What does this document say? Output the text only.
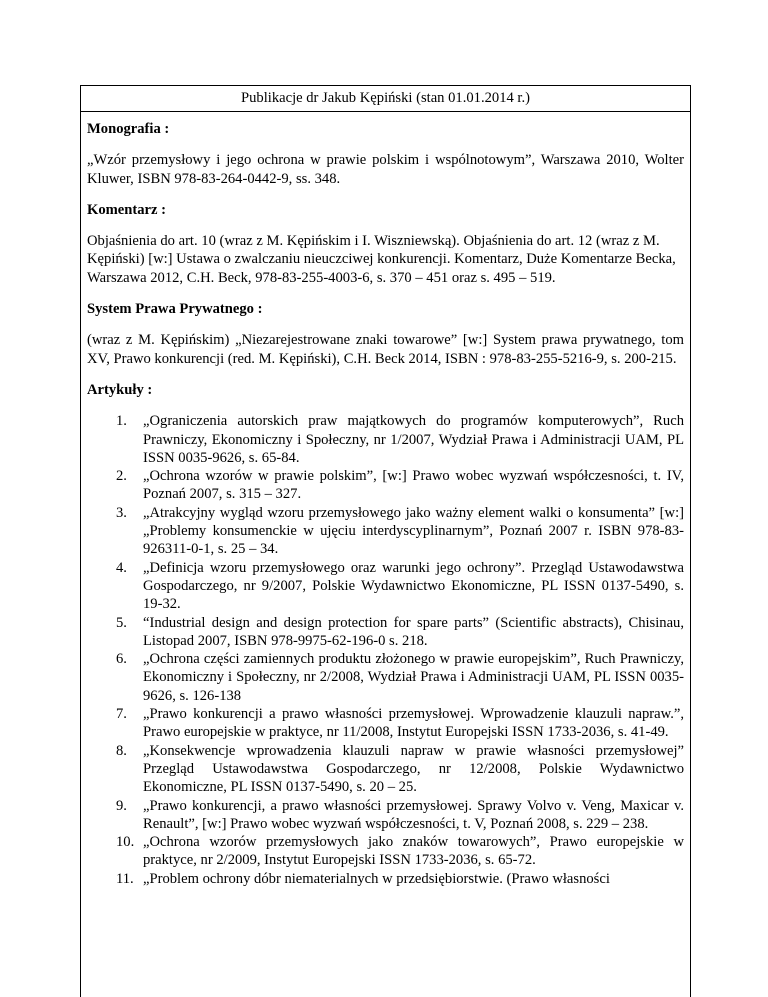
Publikacje dr Jakub Kępiński (stan 01.01.2014 r.)
Monografia :
„Wzór przemysłowy i jego ochrona w prawie polskim i wspólnotowym”, Warszawa 2010, Wolter Kluwer, ISBN 978-83-264-0442-9, ss. 348.
Komentarz :
Objaśnienia do art. 10 (wraz z M. Kępińskim i I. Wiszniewską). Objaśnienia do art. 12 (wraz z M. Kępiński) [w:] Ustawa o zwalczaniu nieuczciwej konkurencji. Komentarz, Duże Komentarze Becka, Warszawa 2012, C.H. Beck, 978-83-255-4003-6, s. 370 – 451 oraz s. 495 – 519.
System Prawa Prywatnego :
(wraz z M. Kępińskim) „Niezarejestrowane znaki towarowe” [w:] System prawa prywatnego, tom XV, Prawo konkurencji (red. M. Kępiński), C.H. Beck 2014, ISBN : 978-83-255-5216-9, s. 200-215.
Artykuły :
1.	„Ograniczenia autorskich praw majątkowych do programów komputerowych”, Ruch Prawniczy, Ekonomiczny i Społeczny, nr 1/2007, Wydział Prawa i Administracji UAM, PL ISSN 0035-9626, s. 65-84.
2.	„Ochrona wzorów w prawie polskim”, [w:] Prawo wobec wyzwań współczesności, t. IV, Poznań 2007, s. 315 – 327.
3.	„Atrakcyjny wygląd wzoru przemysłowego jako ważny element walki o konsumenta” [w:] „Problemy konsumenckie w ujęciu interdyscyplinarnym”, Poznań 2007 r. ISBN 978-83-926311-0-1, s. 25 – 34.
4.	„Definicja wzoru przemysłowego oraz warunki jego ochrony”. Przegląd Ustawodawstwa Gospodarczego, nr 9/2007, Polskie Wydawnictwo Ekonomiczne, PL ISSN 0137-5490, s. 19-32.
5.	“Industrial design and design protection for spare parts” (Scientific abstracts), Chisinau, Listopad 2007, ISBN 978-9975-62-196-0 s. 218.
6.	„Ochrona części zamiennych produktu złożonego w prawie europejskim”, Ruch Prawniczy, Ekonomiczny i Społeczny, nr 2/2008, Wydział Prawa i Administracji UAM, PL ISSN 0035-9626, s. 126-138
7.	„Prawo konkurencji a prawo własności przemysłowej. Wprowadzenie klauzuli napraw.”, Prawo europejskie w praktyce, nr 11/2008, Instytut Europejski ISSN 1733-2036, s. 41-49.
8.	„Konsekwencje wprowadzenia klauzuli napraw w prawie własności przemysłowej” Przegląd Ustawodawstwa Gospodarczego, nr 12/2008, Polskie Wydawnictwo Ekonomiczne, PL ISSN 0137-5490, s. 20 – 25.
9.	„Prawo konkurencji, a prawo własności przemysłowej. Sprawy Volvo v. Veng, Maxicar v. Renault”, [w:] Prawo wobec wyzwań współczesności, t. V, Poznań 2008, s. 229 – 238.
10. „Ochrona wzorów przemysłowych jako znaków towarowych”, Prawo europejskie w praktyce, nr 2/2009, Instytut Europejski ISSN 1733-2036, s. 65-72.
11. „Problem ochrony dóbr niematerialnych w przedsiębiorstwie. (Prawo własności
